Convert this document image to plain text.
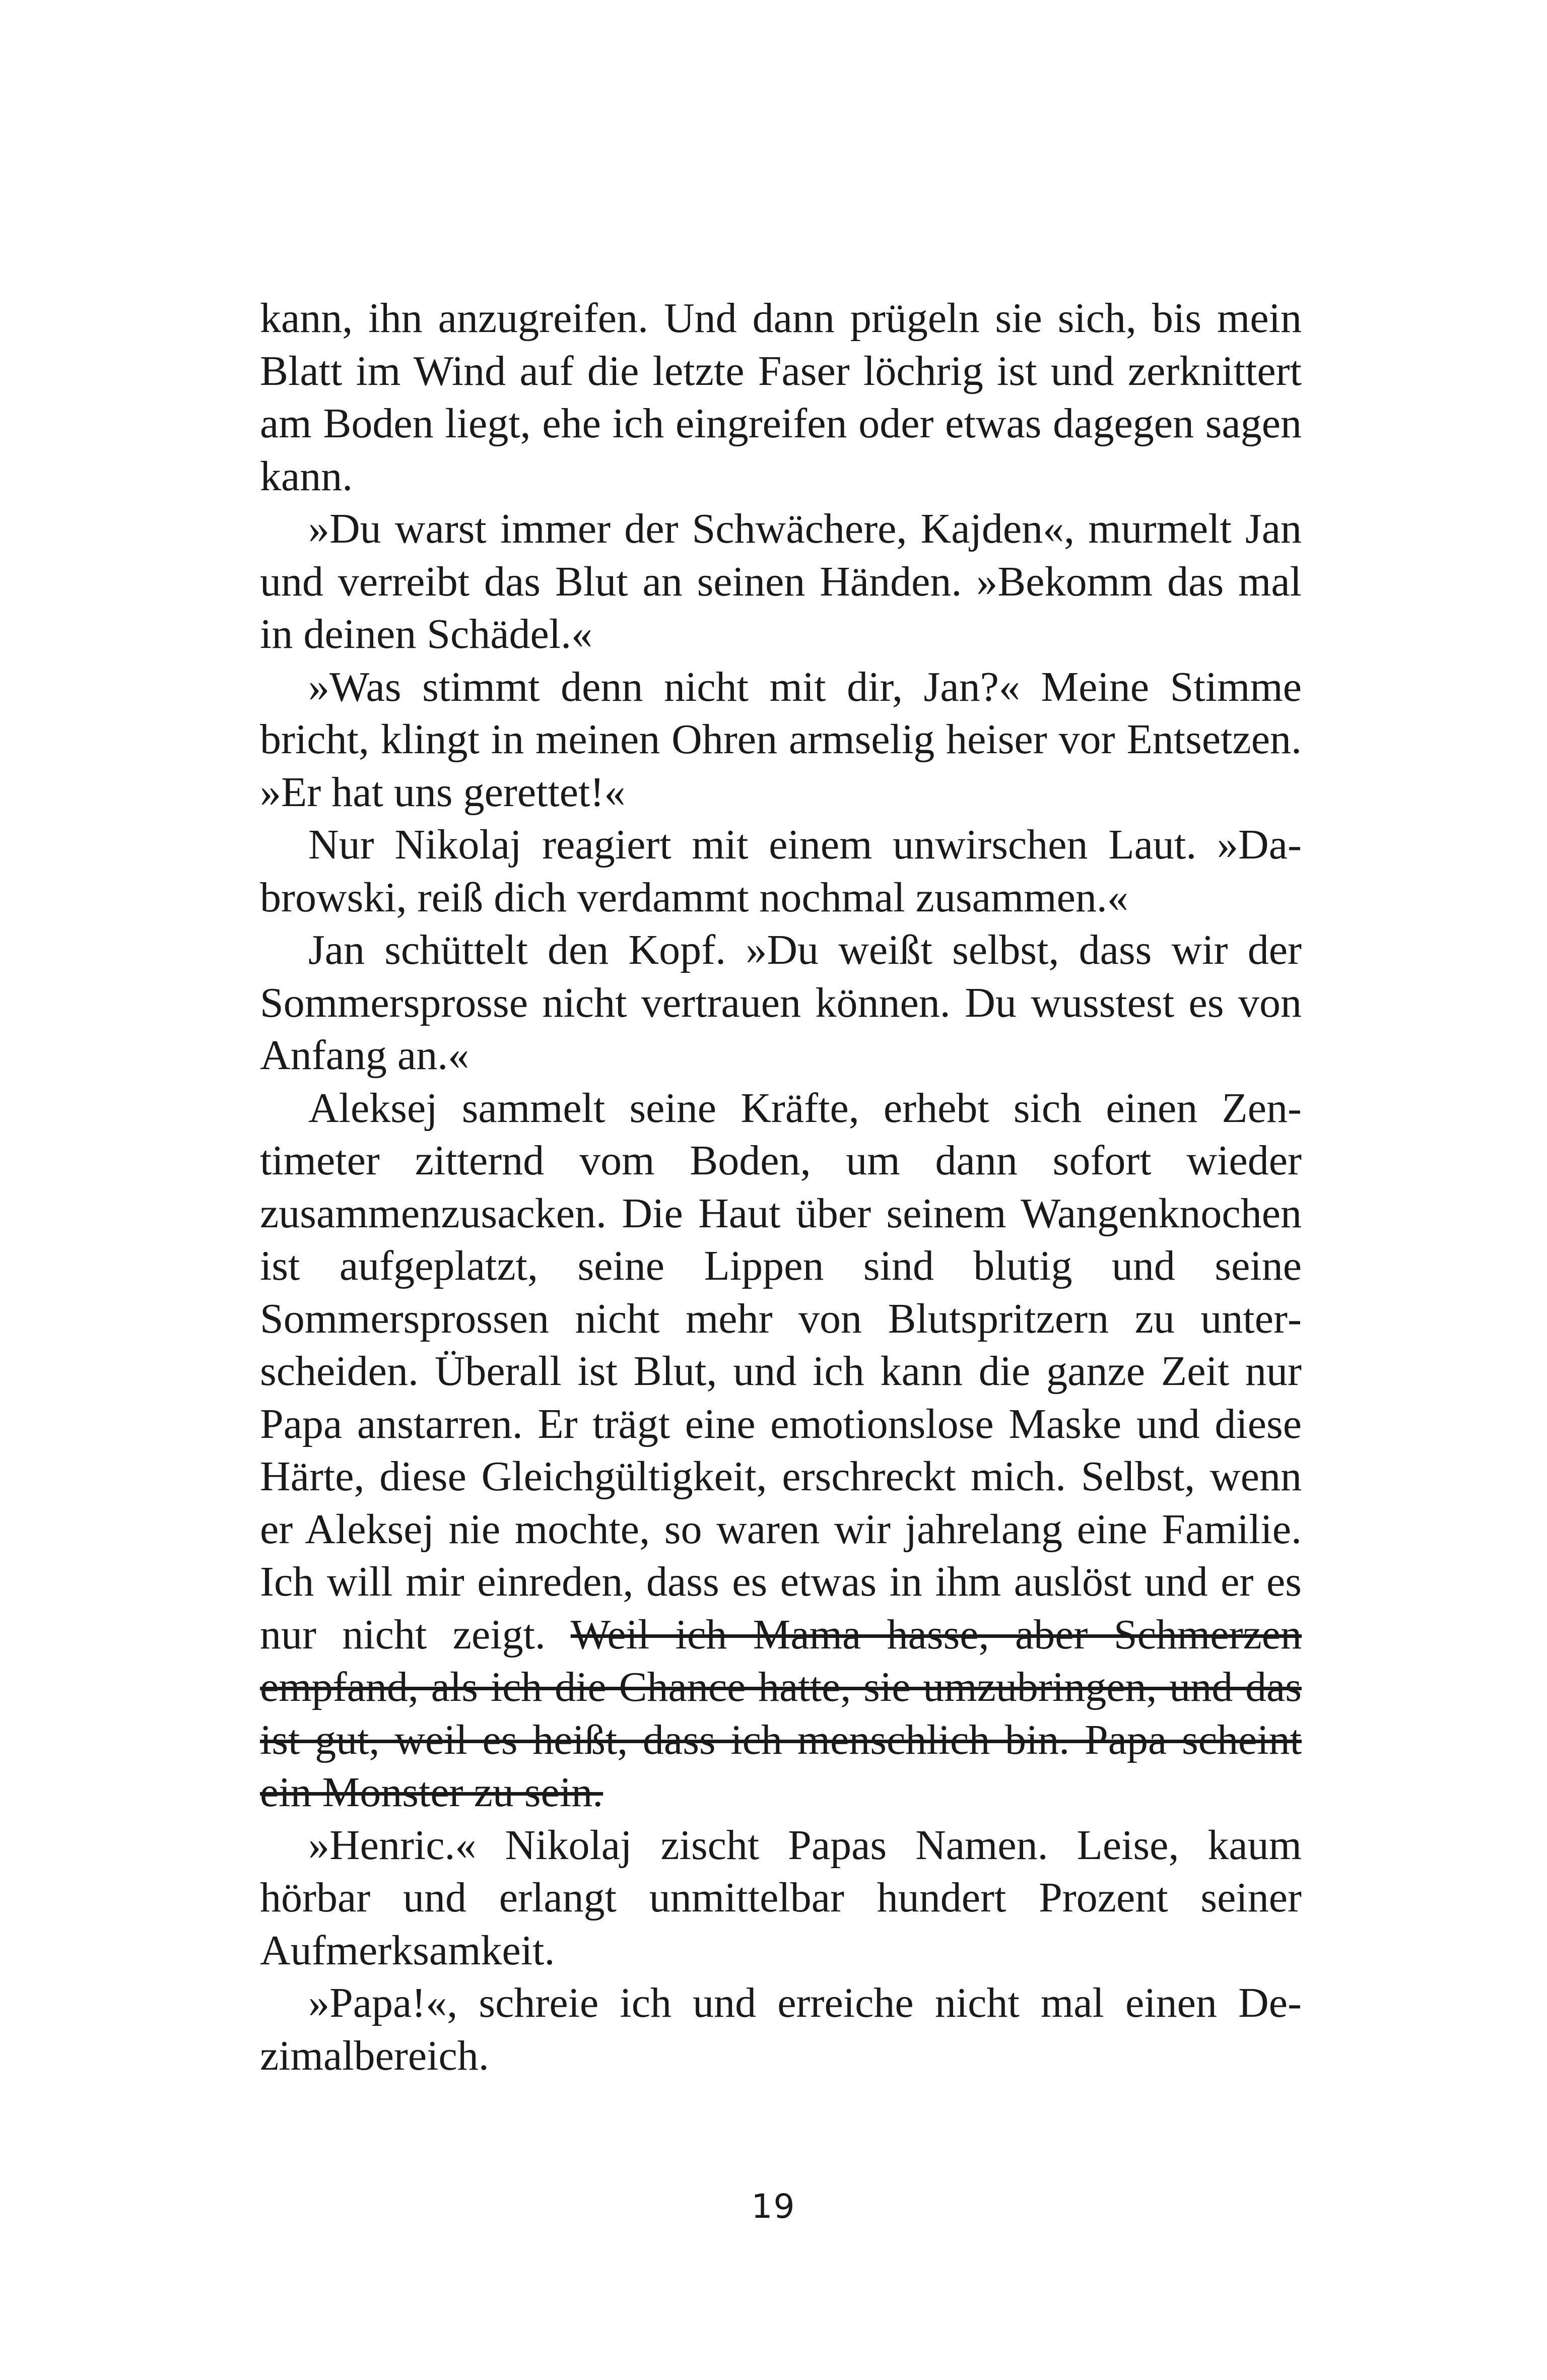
kann, ihn anzugreifen. Und dann prügeln sie sich, bis mein Blatt im Wind auf die letzte Faser löchrig ist und zerknittert am Boden liegt, ehe ich eingreifen oder etwas dagegen sagen kann.

»Du warst immer der Schwächere, Kajden«, murmelt Jan und verreibt das Blut an seinen Händen. »Bekomm das mal in deinen Schädel.«

»Was stimmt denn nicht mit dir, Jan?« Meine Stimme bricht, klingt in meinen Ohren armselig heiser vor Entsetzen. »Er hat uns gerettet!«

Nur Nikolaj reagiert mit einem unwirschen Laut. »Dabrowski, reiß dich verdammt nochmal zusammen.«

Jan schüttelt den Kopf. »Du weißt selbst, dass wir der Sommersprosse nicht vertrauen können. Du wusstest es von Anfang an.«

Aleksej sammelt seine Kräfte, erhebt sich einen Zentimeter zitternd vom Boden, um dann sofort wieder zusammenzusacken. Die Haut über seinem Wangenknochen ist aufgeplatzt, seine Lippen sind blutig und seine Sommersprossen nicht mehr von Blutspritzern zu unterscheiden. Überall ist Blut, und ich kann die ganze Zeit nur Papa anstarren. Er trägt eine emotionslose Maske und diese Härte, diese Gleichgültigkeit, erschreckt mich. Selbst, wenn er Aleksej nie mochte, so waren wir jahrelang eine Familie. Ich will mir einreden, dass es etwas in ihm auslöst und er es nur nicht zeigt. Weil ich Mama hasse, aber Schmerzen empfand, als ich die Chance hatte, sie umzubringen, und das ist gut, weil es heißt, dass ich menschlich bin. Papa scheint ein Monster zu sein.

»Henric.« Nikolaj zischt Papas Namen. Leise, kaum hörbar und erlangt unmittelbar hundert Prozent seiner Aufmerksamkeit.

»Papa!«, schreie ich und erreiche nicht mal einen Dezimalbereich.

19
